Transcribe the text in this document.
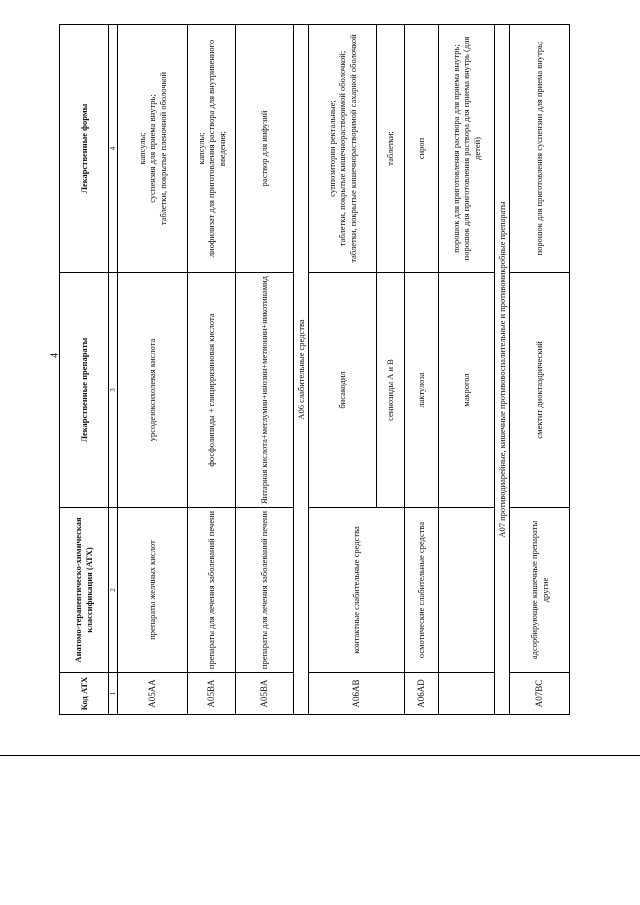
4
Код АТХ	Анатомо-терапевтическо-химическая классификация (АТХ)	Лекарственные препараты	Лекарственные формы
1	2	3	4
A05AA	препараты желчных кислот	урсодезоксихолевая кислота	капсулы; суспензия для приема внутрь; таблетки, покрытые пленочной оболочкой

A05BA	препараты для лечения заболеваний печени	фосфолипиды + глицирризиновая кислота	капсулы; лиофилизат для приготовления раствора для внутривенного введения;

A05BA	препараты для лечения заболеваний печени	Янтарная кислота+меглумин+инозин+метионин+никотинамид	раствор для инфузий

A06 слабительные средства			
A06AB	контактные слабительные средства	бисакодил	суппозитории ректальные; таблетки, покрытые кишечнорастворимой оболочкой; таблетки, покрытые кишечнорастворимой сахарной оболочкой

		сеннозиды А и В	таблетки;

A06AD	осмотические слабительные средства	лактулоза	сироп

		макрогол	порошок для приготовления раствора для приема внутрь; порошок для приготовления раствора для приема внутрь (для детей)

A07 противодиарейные, кишечные противовоспалительные и противомикробные препараты			
A07BC	адсорбирующие кишечные препараты другие	смектит диоктаэдрический	порошок для приготовления суспензии для приема внутрь;
